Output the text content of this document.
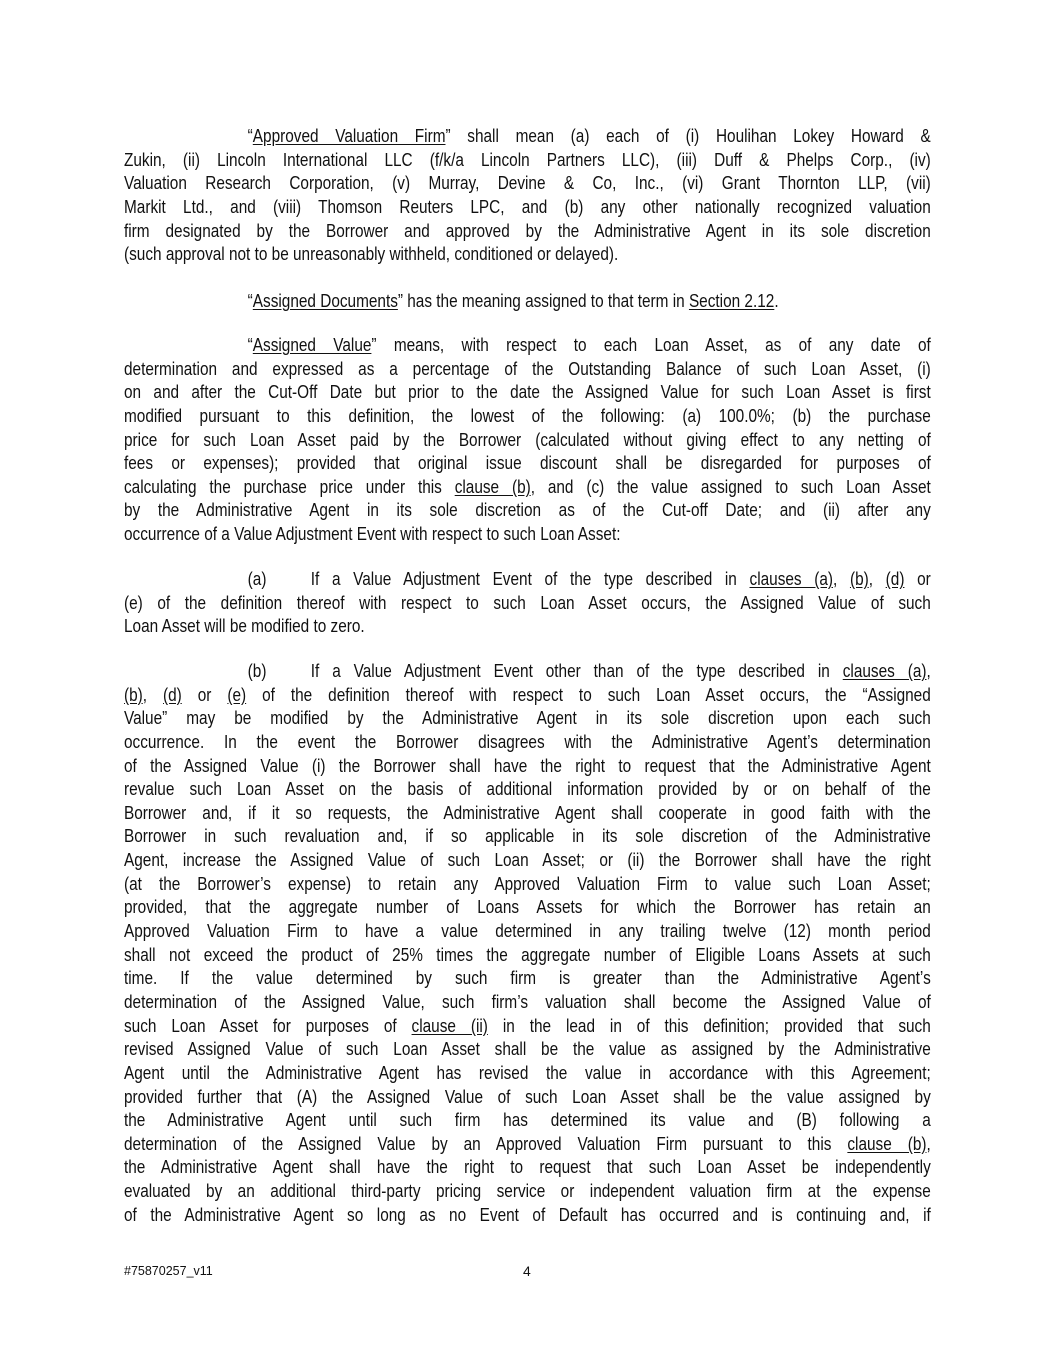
“Approved Valuation Firm” shall mean (a) each of (i) Houlihan Lokey Howard &
Zukin, (ii) Lincoln International LLC (f/k/a Lincoln Partners LLC), (iii) Duff & Phelps Corp., (iv)
Valuation Research Corporation, (v) Murray, Devine & Co, Inc., (vi) Grant Thornton LLP, (vii)
Markit Ltd., and (viii) Thomson Reuters LPC, and (b) any other nationally recognized valuation
firm designated by the Borrower and approved by the Administrative Agent in its sole discretion
(such approval not to be unreasonably withheld, conditioned or delayed).
“Assigned Documents” has the meaning assigned to that term in Section 2.12.
“Assigned Value” means, with respect to each Loan Asset, as of any date of
determination and expressed as a percentage of the Outstanding Balance of such Loan Asset, (i)
on and after the Cut-Off Date but prior to the date the Assigned Value for such Loan Asset is first
modified pursuant to this definition, the lowest of the following: (a) 100.0%; (b) the purchase
price for such Loan Asset paid by the Borrower (calculated without giving effect to any netting of
fees or expenses); provided that original issue discount shall be disregarded for purposes of
calculating the purchase price under this clause (b), and (c) the value assigned to such Loan Asset
by the Administrative Agent in its sole discretion as of the Cut-off Date; and (ii) after any
occurrence of a Value Adjustment Event with respect to such Loan Asset:
(a) If a Value Adjustment Event of the type described in clauses (a), (b), (d) or
(e) of the definition thereof with respect to such Loan Asset occurs, the Assigned Value of such
Loan Asset will be modified to zero.
(b) If a Value Adjustment Event other than of the type described in clauses (a),
(b), (d) or (e) of the definition thereof with respect to such Loan Asset occurs, the “Assigned
Value” may be modified by the Administrative Agent in its sole discretion upon each such
occurrence. In the event the Borrower disagrees with the Administrative Agent’s determination
of the Assigned Value (i) the Borrower shall have the right to request that the Administrative Agent
revalue such Loan Asset on the basis of additional information provided by or on behalf of the
Borrower and, if it so requests, the Administrative Agent shall cooperate in good faith with the
Borrower in such revaluation and, if so applicable in its sole discretion of the Administrative
Agent, increase the Assigned Value of such Loan Asset; or (ii) the Borrower shall have the right
(at the Borrower’s expense) to retain any Approved Valuation Firm to value such Loan Asset;
provided, that the aggregate number of Loans Assets for which the Borrower has retain an
Approved Valuation Firm to have a value determined in any trailing twelve (12) month period
shall not exceed the product of 25% times the aggregate number of Eligible Loans Assets at such
time. If the value determined by such firm is greater than the Administrative Agent’s
determination of the Assigned Value, such firm’s valuation shall become the Assigned Value of
such Loan Asset for purposes of clause (ii) in the lead in of this definition; provided that such
revised Assigned Value of such Loan Asset shall be the value as assigned by the Administrative
Agent until the Administrative Agent has revised the value in accordance with this Agreement;
provided further that (A) the Assigned Value of such Loan Asset shall be the value assigned by
the Administrative Agent until such firm has determined its value and (B) following a
determination of the Assigned Value by an Approved Valuation Firm pursuant to this clause (b),
the Administrative Agent shall have the right to request that such Loan Asset be independently
evaluated by an additional third-party pricing service or independent valuation firm at the expense
of the Administrative Agent so long as no Event of Default has occurred and is continuing and, if
#75870257_v11	4
